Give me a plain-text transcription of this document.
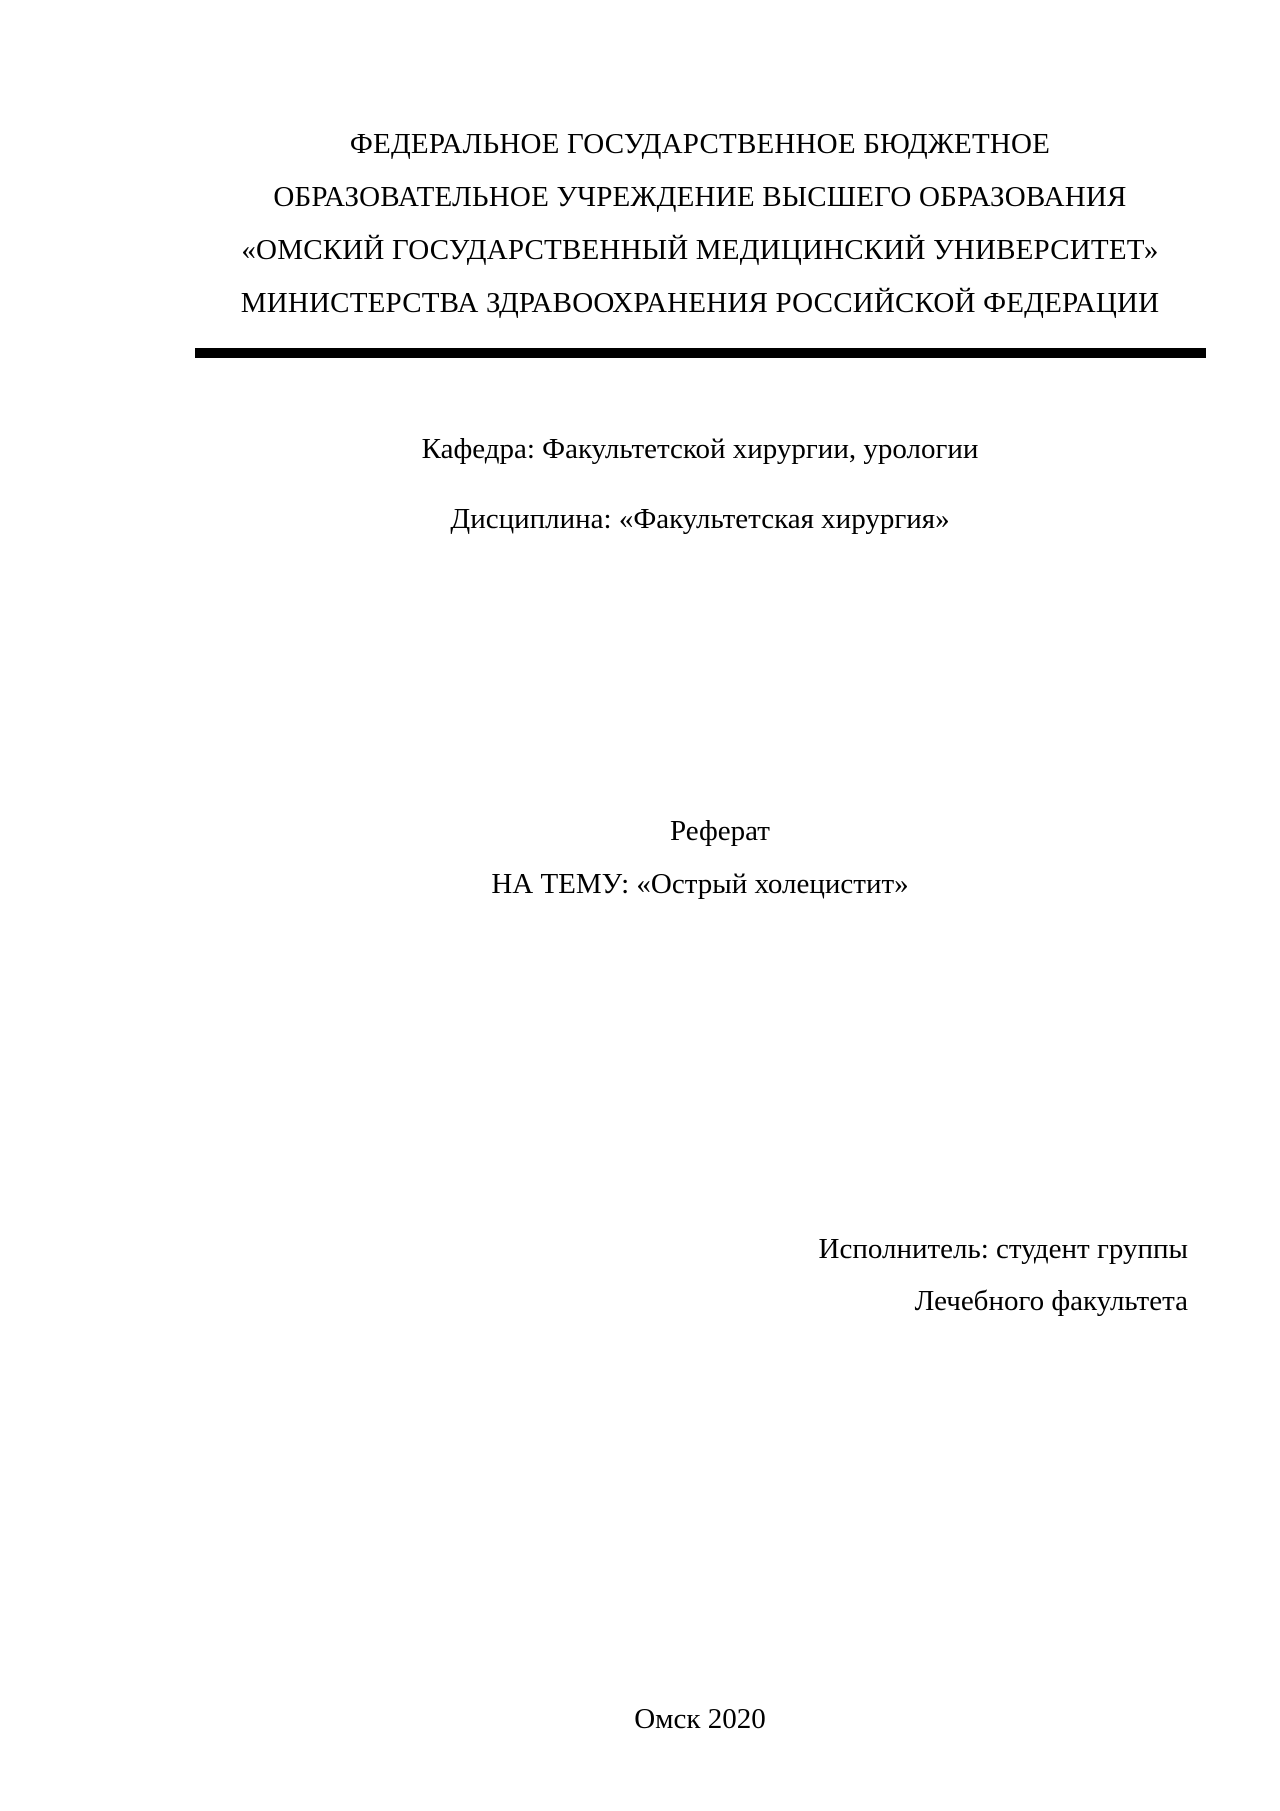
ФЕДЕРАЛЬНОЕ ГОСУДАРСТВЕННОЕ БЮДЖЕТНОЕ
ОБРАЗОВАТЕЛЬНОЕ УЧРЕЖДЕНИЕ ВЫСШЕГО ОБРАЗОВАНИЯ
«ОМСКИЙ ГОСУДАРСТВЕННЫЙ МЕДИЦИНСКИЙ УНИВЕРСИТЕТ»
МИНИСТЕРСТВА ЗДРАВООХРАНЕНИЯ РОССИЙСКОЙ ФЕДЕРАЦИИ
Кафедра: Факультетской хирургии, урологии
Дисциплина: «Факультетская хирургия»
Реферат
НА ТЕМУ: «Острый холецистит»
Исполнитель: студент группы
Лечебного факультета
Омск 2020
